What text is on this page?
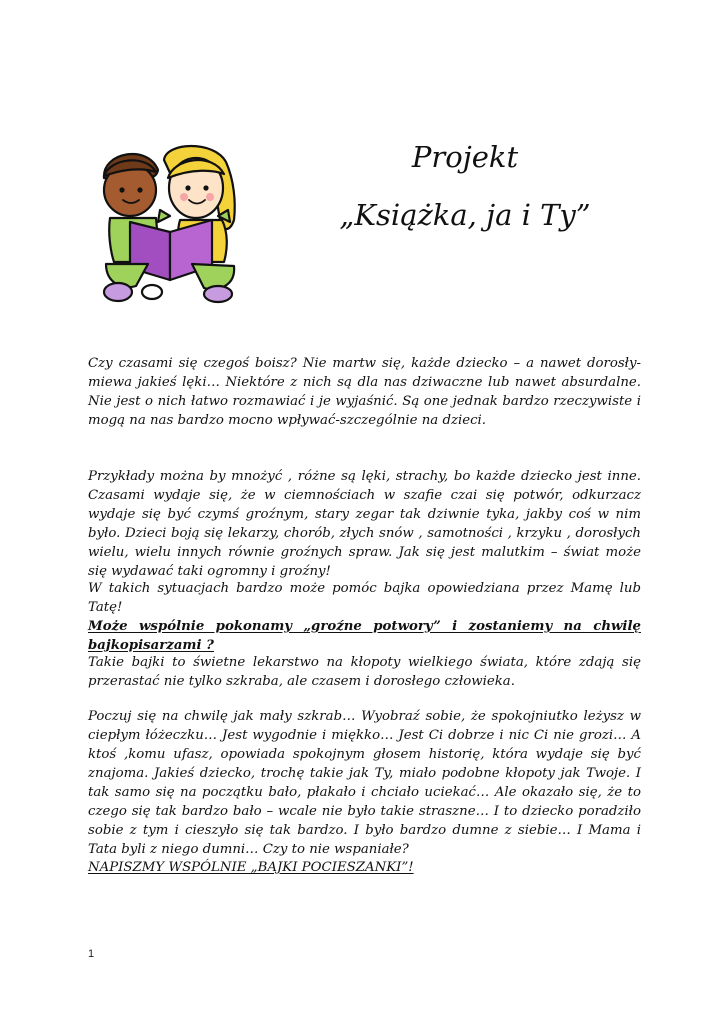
Projekt
„Książka, ja i Ty”

Czy czasami się czegoś boisz? Nie martw się, każde dziecko – a nawet dorosły-miewa jakieś lęki… Niektóre z nich są dla nas dziwaczne lub nawet absurdalne. Nie jest o nich łatwo rozmawiać i je wyjaśnić. Są one jednak bardzo rzeczywiste i mogą na nas bardzo mocno wpływać-szczególnie na dzieci.

Przykłady można by mnożyć , różne są lęki, strachy, bo każde dziecko jest inne. Czasami wydaje się, że w ciemnościach w szafie czai się potwór, odkurzacz wydaje się być czymś groźnym, stary zegar tak dziwnie tyka, jakby coś w nim było. Dzieci boją się lekarzy, chorób, złych snów , samotności , krzyku , dorosłych wielu, wielu innych równie groźnych spraw. Jak się jest malutkim – świat może się wydawać taki ogromny i groźny!

W takich sytuacjach bardzo może pomóc bajka opowiedziana przez Mamę lub Tatę!

Może wspólnie pokonamy „groźne potwory” i zostaniemy na chwilę bajkopisarzami ?

Takie bajki to świetne lekarstwo na kłopoty wielkiego świata, które zdają się przerastać nie tylko szkraba, ale czasem i dorosłego człowieka.

Poczuj się na chwilę jak mały szkrab… Wyobraź sobie, że spokojniutko leżysz w ciepłym łóżeczku… Jest wygodnie i miękko… Jest Ci dobrze i nic Ci nie grozi… A ktoś ,komu ufasz, opowiada spokojnym głosem historię, która wydaje się być znajoma. Jakieś dziecko, trochę takie jak Ty, miało podobne kłopoty jak Twoje. I tak samo się na początku bało, płakało i chciało uciekać… Ale okazało się, że to czego się tak bardzo bało – wcale nie było takie straszne… I to dziecko poradziło sobie z tym i cieszyło się tak bardzo. I było bardzo dumne z siebie… I Mama i Tata byli z niego dumni… Czy to nie wspaniałe?

NAPISZMY WSPÓLNIE „BAJKI POCIESZANKI”!

1
